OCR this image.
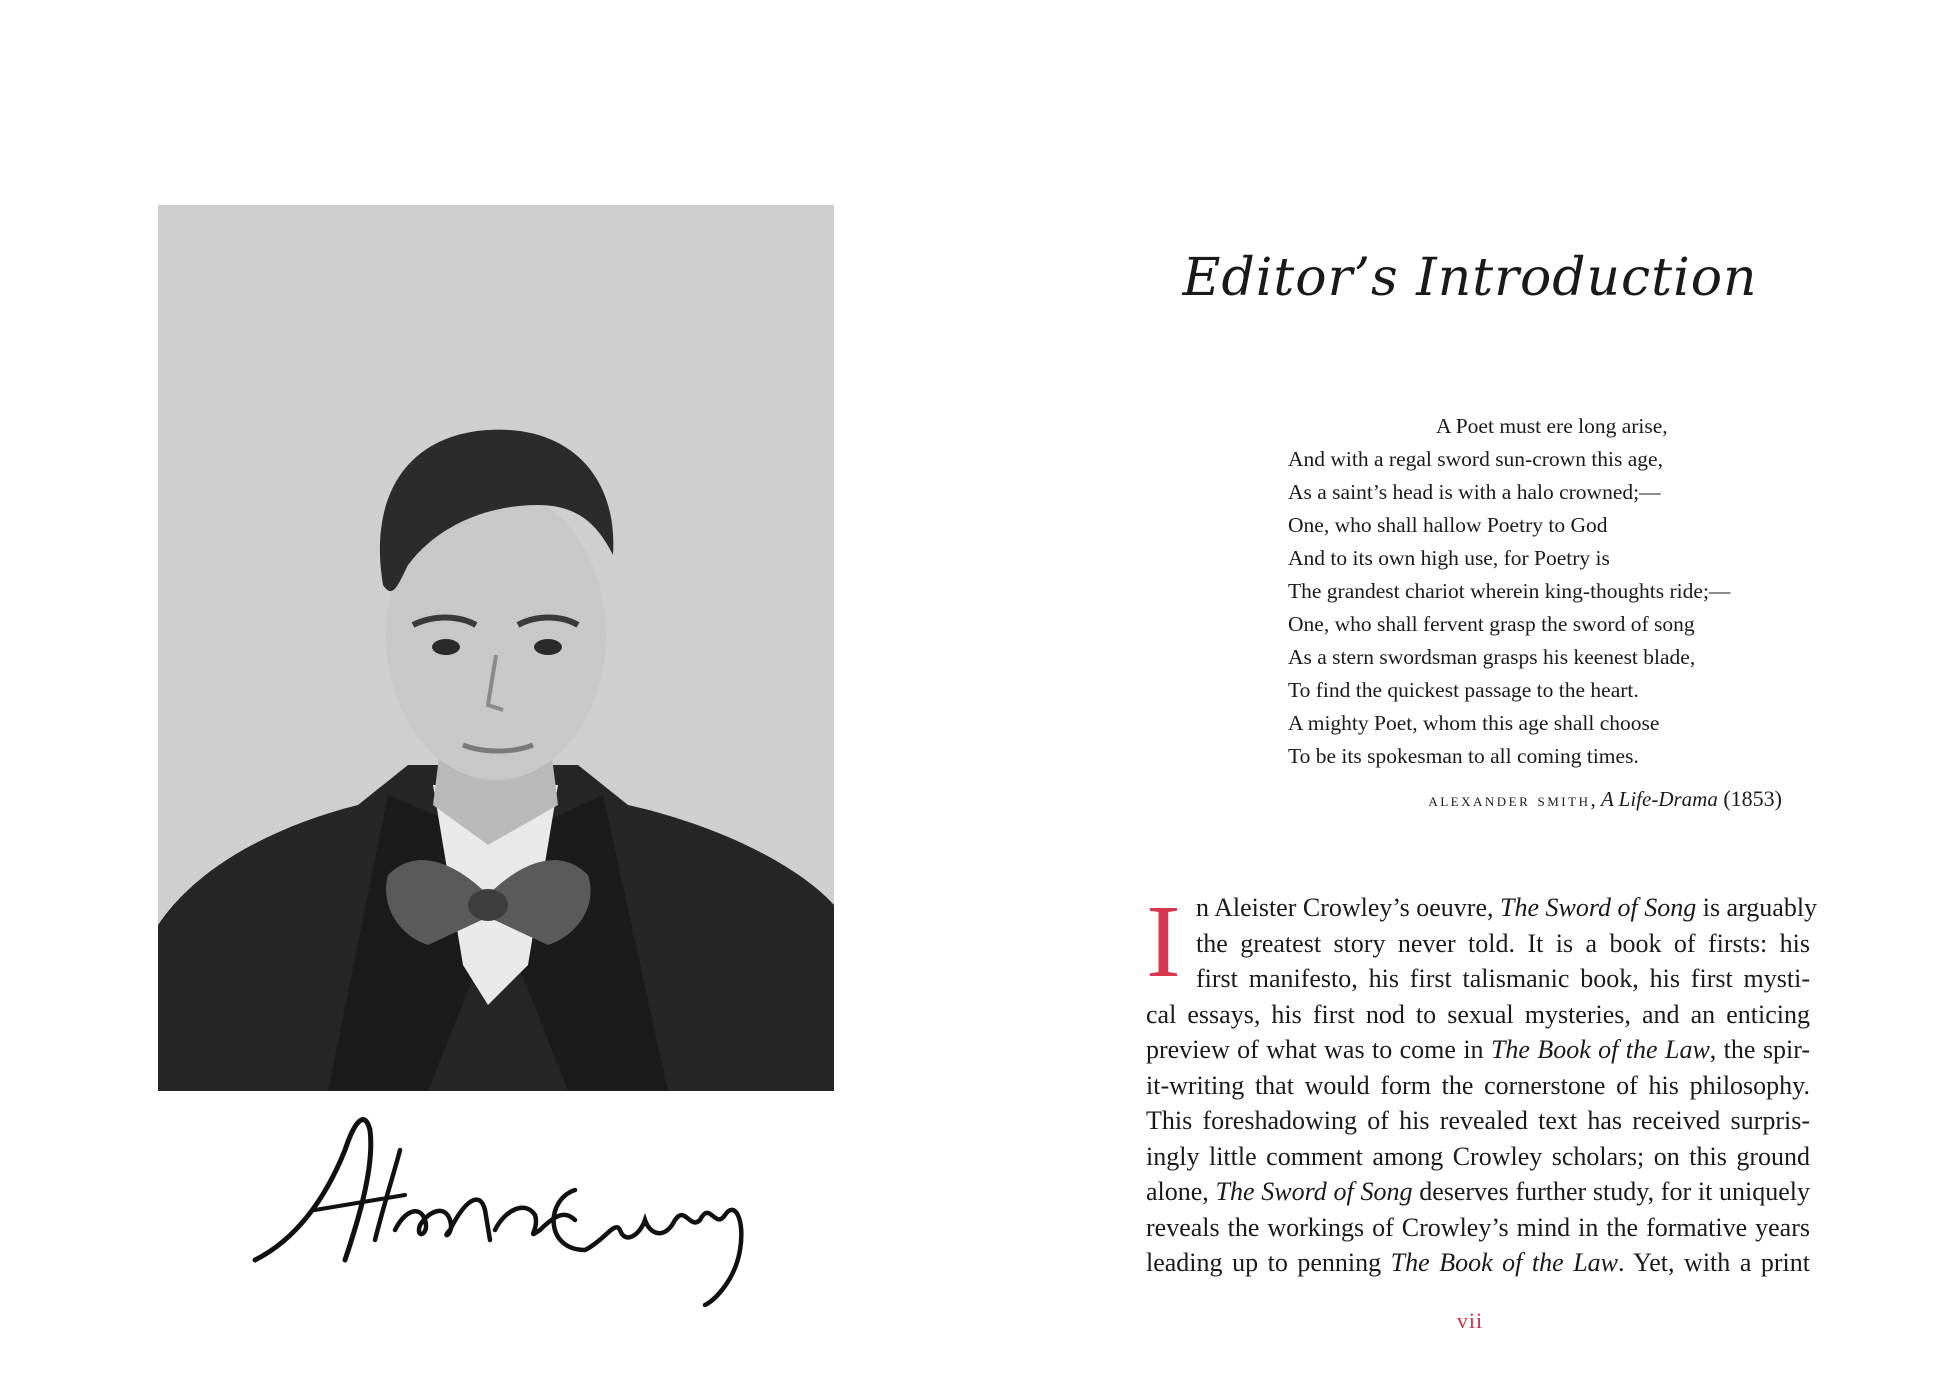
Editor’s Introduction
A Poet must ere long arise,
And with a regal sword sun-crown this age,
As a saint’s head is with a halo crowned;—
One, who shall hallow Poetry to God
And to its own high use, for Poetry is
The grandest chariot wherein king-thoughts ride;—
One, who shall fervent grasp the sword of song
As a stern swordsman grasps his keenest blade,
To find the quickest passage to the heart.
A mighty Poet, whom this age shall choose
To be its spokesman to all coming times.
alexander smith, A Life-Drama (1853)
I n Aleister Crowley’s oeuvre, The Sword of Song is arguably
the greatest story never told. It is a book of firsts: his
first manifesto, his first talismanic book, his first mysti-
cal essays, his first nod to sexual mysteries, and an enticing
preview of what was to come in The Book of the Law, the spir-
it-writing that would form the cornerstone of his philosophy.
This foreshadowing of his revealed text has received surpris-
ingly little comment among Crowley scholars; on this ground
alone, The Sword of Song deserves further study, for it uniquely
reveals the workings of Crowley’s mind in the formative years
leading up to penning The Book of the Law. Yet, with a print
vii
